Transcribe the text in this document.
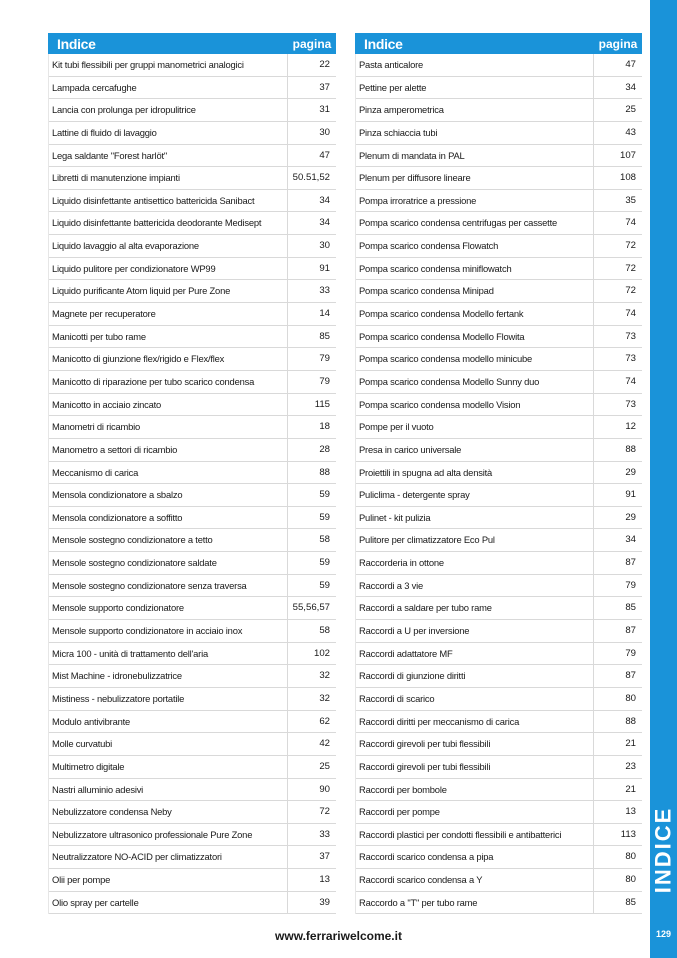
Indice	pagina
Kit tubi flessibili per gruppi manometrici analogici	22
Lampada cercafughe	37
Lancia con prolunga per idropulitrice	31
Lattine di fluido di lavaggio	30
Lega saldante "Forest harlöt"	47
Libretti di manutenzione impianti	50.51,52
Liquido disinfettante antisettico battericida Sanibact	34
Liquido disinfettante battericida deodorante Medisept	34
Liquido lavaggio al alta evaporazione	30
Liquido pulitore per condizionatore WP99	91
Liquido purificante Atom liquid per Pure Zone	33
Magnete per recuperatore	14
Manicotti per tubo rame	85
Manicotto di giunzione flex/rigido e Flex/flex	79
Manicotto di riparazione per tubo scarico condensa	79
Manicotto in acciaio zincato	115
Manometri di ricambio	18
Manometro a settori di ricambio	28
Meccanismo di carica	88
Mensola condizionatore a sbalzo	59
Mensola condizionatore a soffitto	59
Mensole sostegno condizionatore a tetto	58
Mensole sostegno condizionatore saldate	59
Mensole sostegno condizionatore senza traversa	59
Mensole supporto condizionatore	55,56,57
Mensole supporto condizionatore in acciaio inox	58
Micra 100 - unità di trattamento dell'aria	102
Mist Machine - idronebulizzatrice	32
Mistiness - nebulizzatore portatile	32
Modulo antivibrante	62
Molle curvatubi	42
Multimetro digitale	25
Nastri alluminio adesivi	90
Nebulizzatore condensa Neby	72
Nebulizzatore ultrasonico professionale Pure Zone	33
Neutralizzatore NO-ACID per climatizzatori	37
Olii per pompe	13
Olio spray per cartelle	39
Indice	pagina
Pasta anticalore	47
Pettine per alette	34
Pinza amperometrica	25
Pinza schiaccia tubi	43
Plenum di mandata in PAL	107
Plenum per diffusore lineare	108
Pompa irroratrice a pressione	35
Pompa scarico condensa centrifugas per cassette	74
Pompa scarico condensa Flowatch	72
Pompa scarico condensa miniflowatch	72
Pompa scarico condensa Minipad	72
Pompa scarico condensa Modello fertank	74
Pompa scarico condensa Modello Flowita	73
Pompa scarico condensa modello minicube	73
Pompa scarico condensa Modello Sunny duo	74
Pompa scarico condensa modello Vision	73
Pompe per il vuoto	12
Presa in carico universale	88
Proiettili in spugna ad alta densità	29
Puliclima - detergente spray	91
Pulinet - kit pulizia	29
Pulitore per climatizzatore Eco Pul	34
Raccorderia in ottone	87
Raccordi a 3 vie	79
Raccordi a saldare per tubo rame	85
Raccordi a U per inversione	87
Raccordi adattatore MF	79
Raccordi di giunzione diritti	87
Raccordi di scarico	80
Raccordi diritti per meccanismo di carica	88
Raccordi girevoli per tubi flessibili	21
Raccordi girevoli per tubi flessibili	23
Raccordi per bombole	21
Raccordi per pompe	13
Raccordi plastici per condotti flessibili e antibatterici	113
Raccordi scarico condensa a pipa	80
Raccordi scarico condensa a Y	80
Raccordo a "T" per tubo rame	85
INDICE
129
www.ferrariwelcome.it
